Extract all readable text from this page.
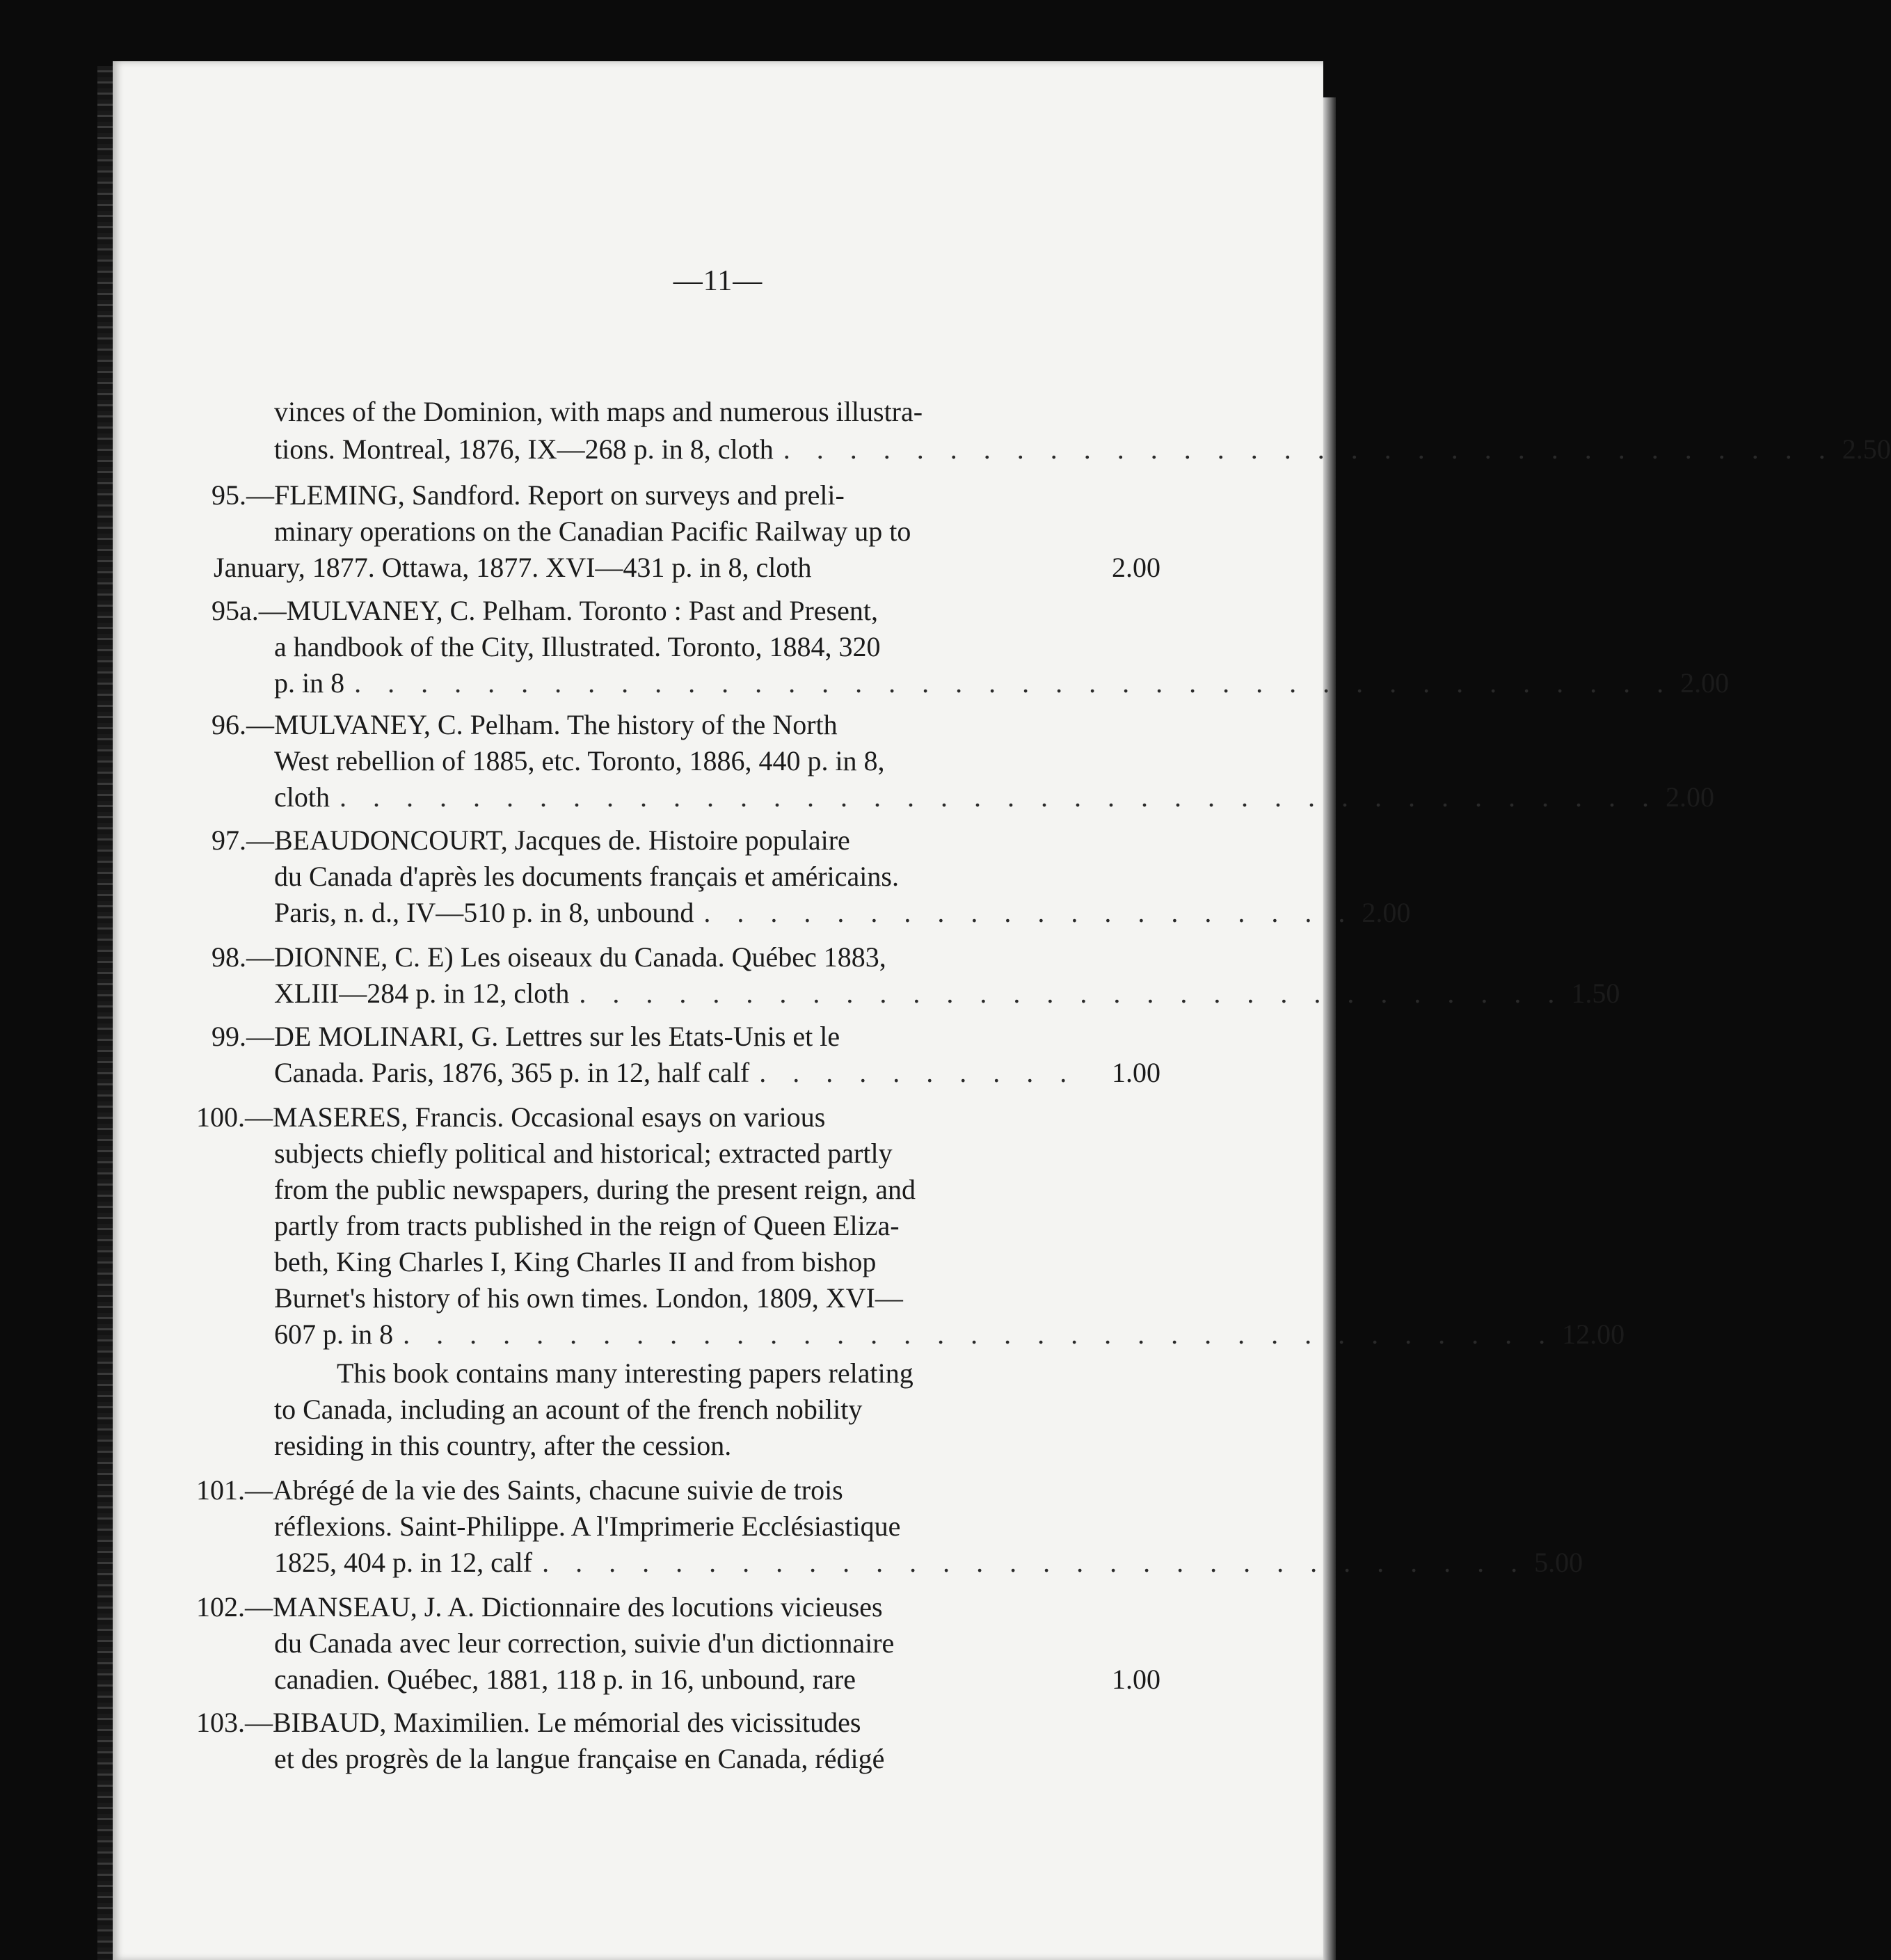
—11—
vinces of the Dominion, with maps and numerous illustra-
tions. Montreal, 1876, IX—268 p. in 8, cloth . . . . . . . . . . . . . . . . . . . . . . . . . . . . . . . . 2.50
95.—FLEMING, Sandford. Report on surveys and preli-
minary operations on the Canadian Pacific Railway up to
January, 1877. Ottawa, 1877. XVI—431 p. in 8, cloth	2.00
95a.—MULVANEY, C. Pelham. Toronto : Past and Present,
a handbook of the City, Illustrated. Toronto, 1884, 320
p. in 8 . . . . . . . . . . . . . . . . . . . . . . . . . . . . . . . . . . . . . . . . 2.00
96.—MULVANEY, C. Pelham. The history of the North
West rebellion of 1885, etc. Toronto, 1886, 440 p. in 8,
cloth . . . . . . . . . . . . . . . . . . . . . . . . . . . . . . . . . . . . . . . . 2.00
97.—BEAUDONCOURT, Jacques de. Histoire populaire
du Canada d'après les documents français et américains.
Paris, n. d., IV—510 p. in 8, unbound . . . . . . . . . . . . . . . . . . . . 2.00
98.—DIONNE, C. E) Les oiseaux du Canada. Québec 1883,
XLIII—284 p. in 12, cloth . . . . . . . . . . . . . . . . . . . . . . . . . . . . . . 1.50
99.—DE MOLINARI, G. Lettres sur les Etats-Unis et le
Canada. Paris, 1876, 365 p. in 12, half calf . . . . . . . . . .	1.00
100.—MASERES, Francis. Occasional esays on various
subjects chiefly political and historical; extracted partly
from the public newspapers, during the present reign, and
partly from tracts published in the reign of Queen Eliza-
beth, King Charles I, King Charles II and from bishop
Burnet's history of his own times. London, 1809, XVI—
607 p. in 8 . . . . . . . . . . . . . . . . . . . . . . . . . . . . . . . . . . . 12.00
This book contains many interesting papers relating
to Canada, including an acount of the french nobility
residing in this country, after the cession.
101.—Abrégé de la vie des Saints, chacune suivie de trois
réflexions. Saint-Philippe. A l'Imprimerie Ecclésiastique
1825, 404 p. in 12, calf . . . . . . . . . . . . . . . . . . . . . . . . . . . . . . 5.00
102.—MANSEAU, J. A. Dictionnaire des locutions vicieuses
du Canada avec leur correction, suivie d'un dictionnaire
canadien. Québec, 1881, 118 p. in 16, unbound, rare	1.00
103.—BIBAUD, Maximilien. Le mémorial des vicissitudes
et des progrès de la langue française en Canada, rédigé
